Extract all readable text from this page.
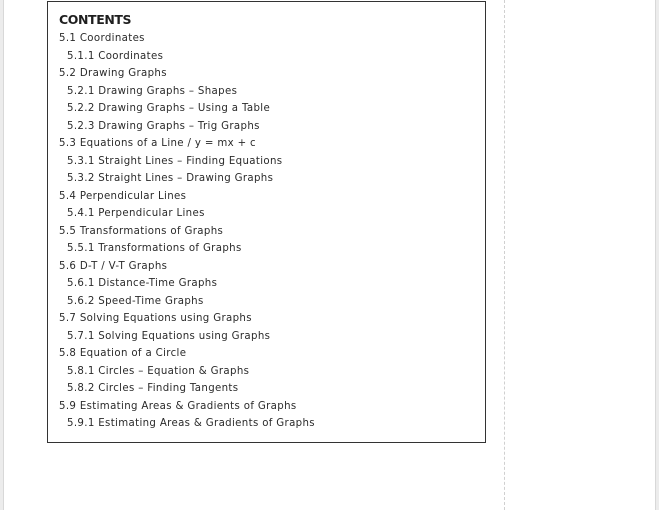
CONTENTS
5.1 Coordinates
5.1.1 Coordinates
5.2 Drawing Graphs
5.2.1 Drawing Graphs – Shapes
5.2.2 Drawing Graphs – Using a Table
5.2.3 Drawing Graphs – Trig Graphs
5.3 Equations of a Line / y = mx + c
5.3.1 Straight Lines – Finding Equations
5.3.2 Straight Lines – Drawing Graphs
5.4 Perpendicular Lines
5.4.1 Perpendicular Lines
5.5 Transformations of Graphs
5.5.1 Transformations of Graphs
5.6 D-T / V-T Graphs
5.6.1 Distance-Time Graphs
5.6.2 Speed-Time Graphs
5.7 Solving Equations using Graphs
5.7.1 Solving Equations using Graphs
5.8 Equation of a Circle
5.8.1 Circles – Equation & Graphs
5.8.2 Circles – Finding Tangents
5.9 Estimating Areas & Gradients of Graphs
5.9.1 Estimating Areas & Gradients of Graphs
